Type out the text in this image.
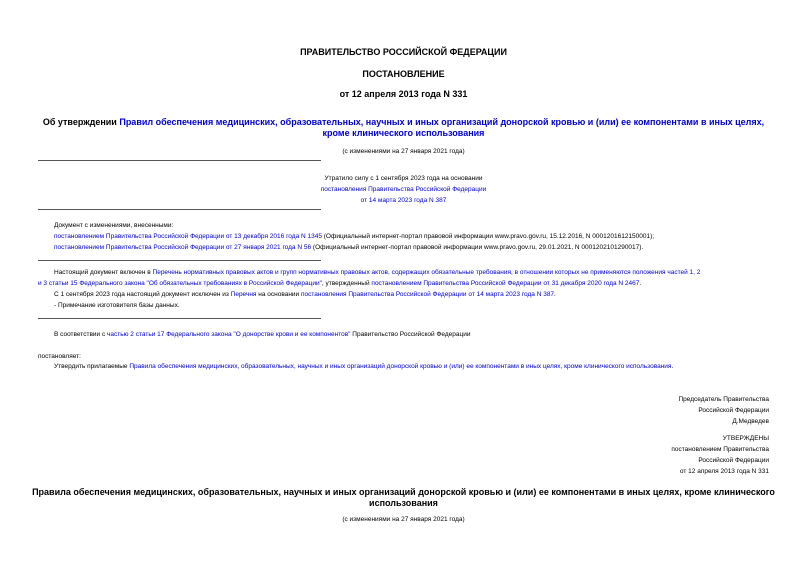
ПРАВИТЕЛЬСТВО РОССИЙСКОЙ ФЕДЕРАЦИИ
ПОСТАНОВЛЕНИЕ
от 12 апреля 2013 года N 331
Об утверждении Правил обеспечения медицинских, образовательных, научных и иных организаций донорской кровью и (или) ее компонентами в иных целях,
кроме клинического использования
(с изменениями на 27 января 2021 года)
Утратило силу с 1 сентября 2023 года на основании
постановления Правительства Российской Федерации
от 14 марта 2023 года N 387
Документ с изменениями, внесенными:
постановлением Правительства Российской Федерации от 13 декабря 2016 года N 1345 (Официальный интернет-портал правовой информации www.pravo.gov.ru, 15.12.2016, N 0001201612150001);
постановлением Правительства Российской Федерации от 27 января 2021 года N 56 (Официальный интернет-портал правовой информации www.pravo.gov.ru, 29.01.2021, N 0001202101290017).
Настоящий документ включен в Перечень нормативных правовых актов и групп нормативных правовых актов, содержащих обязательные требования, в отношении которых не применяются положения частей 1, 2
и 3 статьи 15 Федерального закона "Об обязательных требованиях в Российской Федерации", утвержденный постановлением Правительства Российской Федерации от 31 декабря 2020 года N 2467.
С 1 сентября 2023 года настоящий документ исключен из Перечня на основании постановления Правительства Российской Федерации от 14 марта 2023 года N 387.
- Примечание изготовителя базы данных.
В соответствии с частью 2 статьи 17 Федерального закона "О донорстве крови и ее компонентов" Правительство Российской Федерации
постановляет:
Утвердить прилагаемые Правила обеспечения медицинских, образовательных, научных и иных организаций донорской кровью и (или) ее компонентами в иных целях, кроме клинического использования.
Председатель Правительства
Российской Федерации
Д.Медведев
УТВЕРЖДЕНЫ
постановлением Правительства
Российской Федерации
от 12 апреля 2013 года N 331
Правила обеспечения медицинских, образовательных, научных и иных организаций донорской кровью и (или) ее компонентами в иных целях, кроме клинического
использования
(с изменениями на 27 января 2021 года)
